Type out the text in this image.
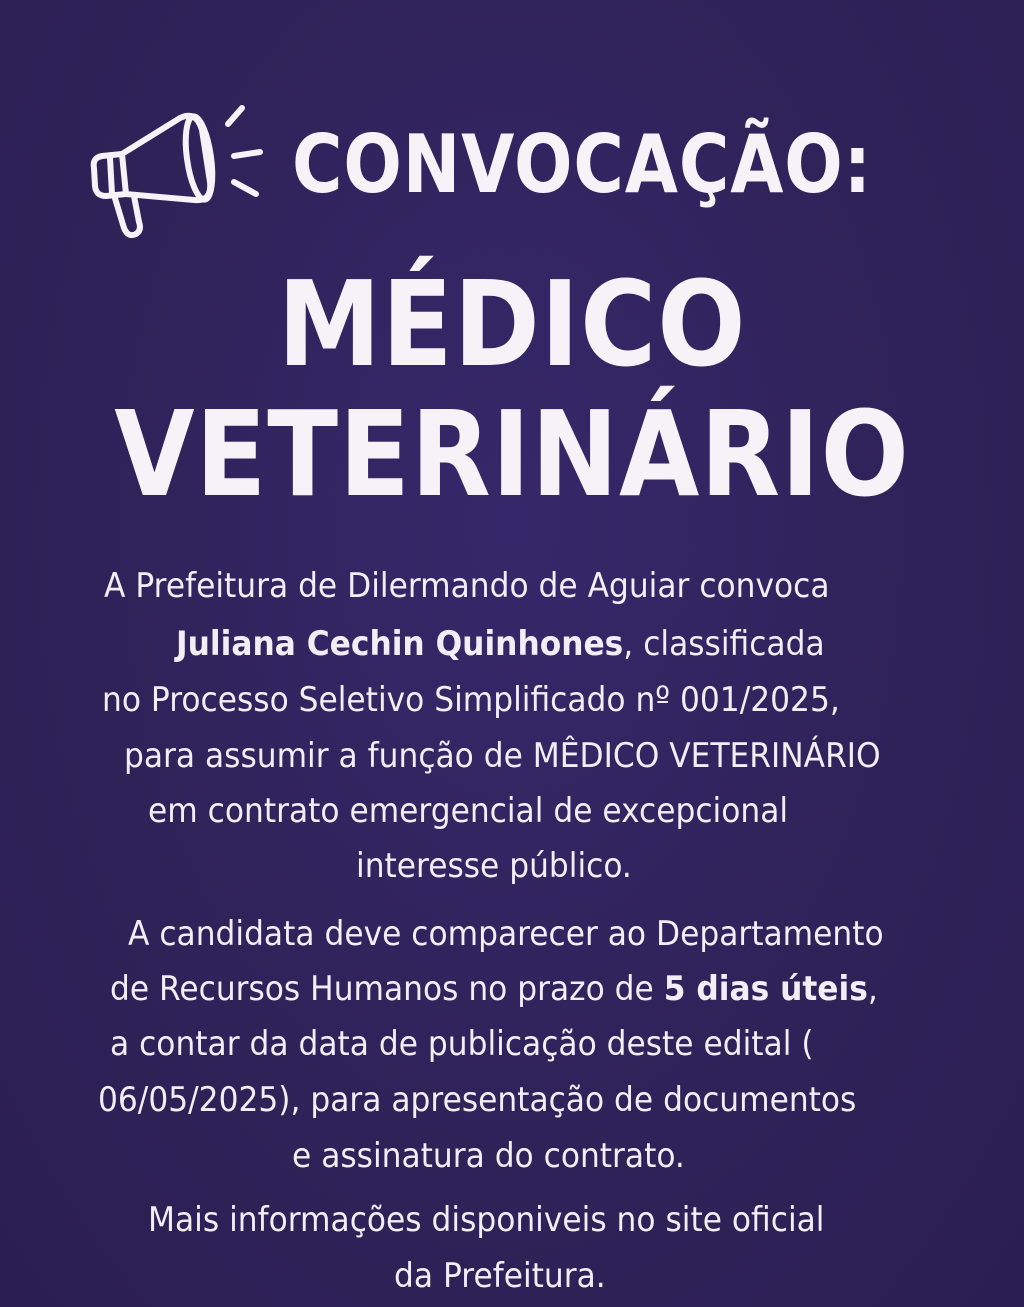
CONVOCAÇÃO:
MÉDICO
VETERINÁRIO
A Prefeitura de Dilermando de Aguiar convoca
Juliana Cechin Quinhones, classificada
no Processo Seletivo Simplificado nº 001/2025,
para assumir a função de MÊDICO VETERINÁRIO
em contrato emergencial de excepcional
interesse público.
A candidata deve comparecer ao Departamento
de Recursos Humanos no prazo de 5 dias úteis,
a contar da data de publicação deste edital (
06/05/2025), para apresentação de documentos
e assinatura do contrato.
Mais informações disponiveis no site oficial
da Prefeitura.
